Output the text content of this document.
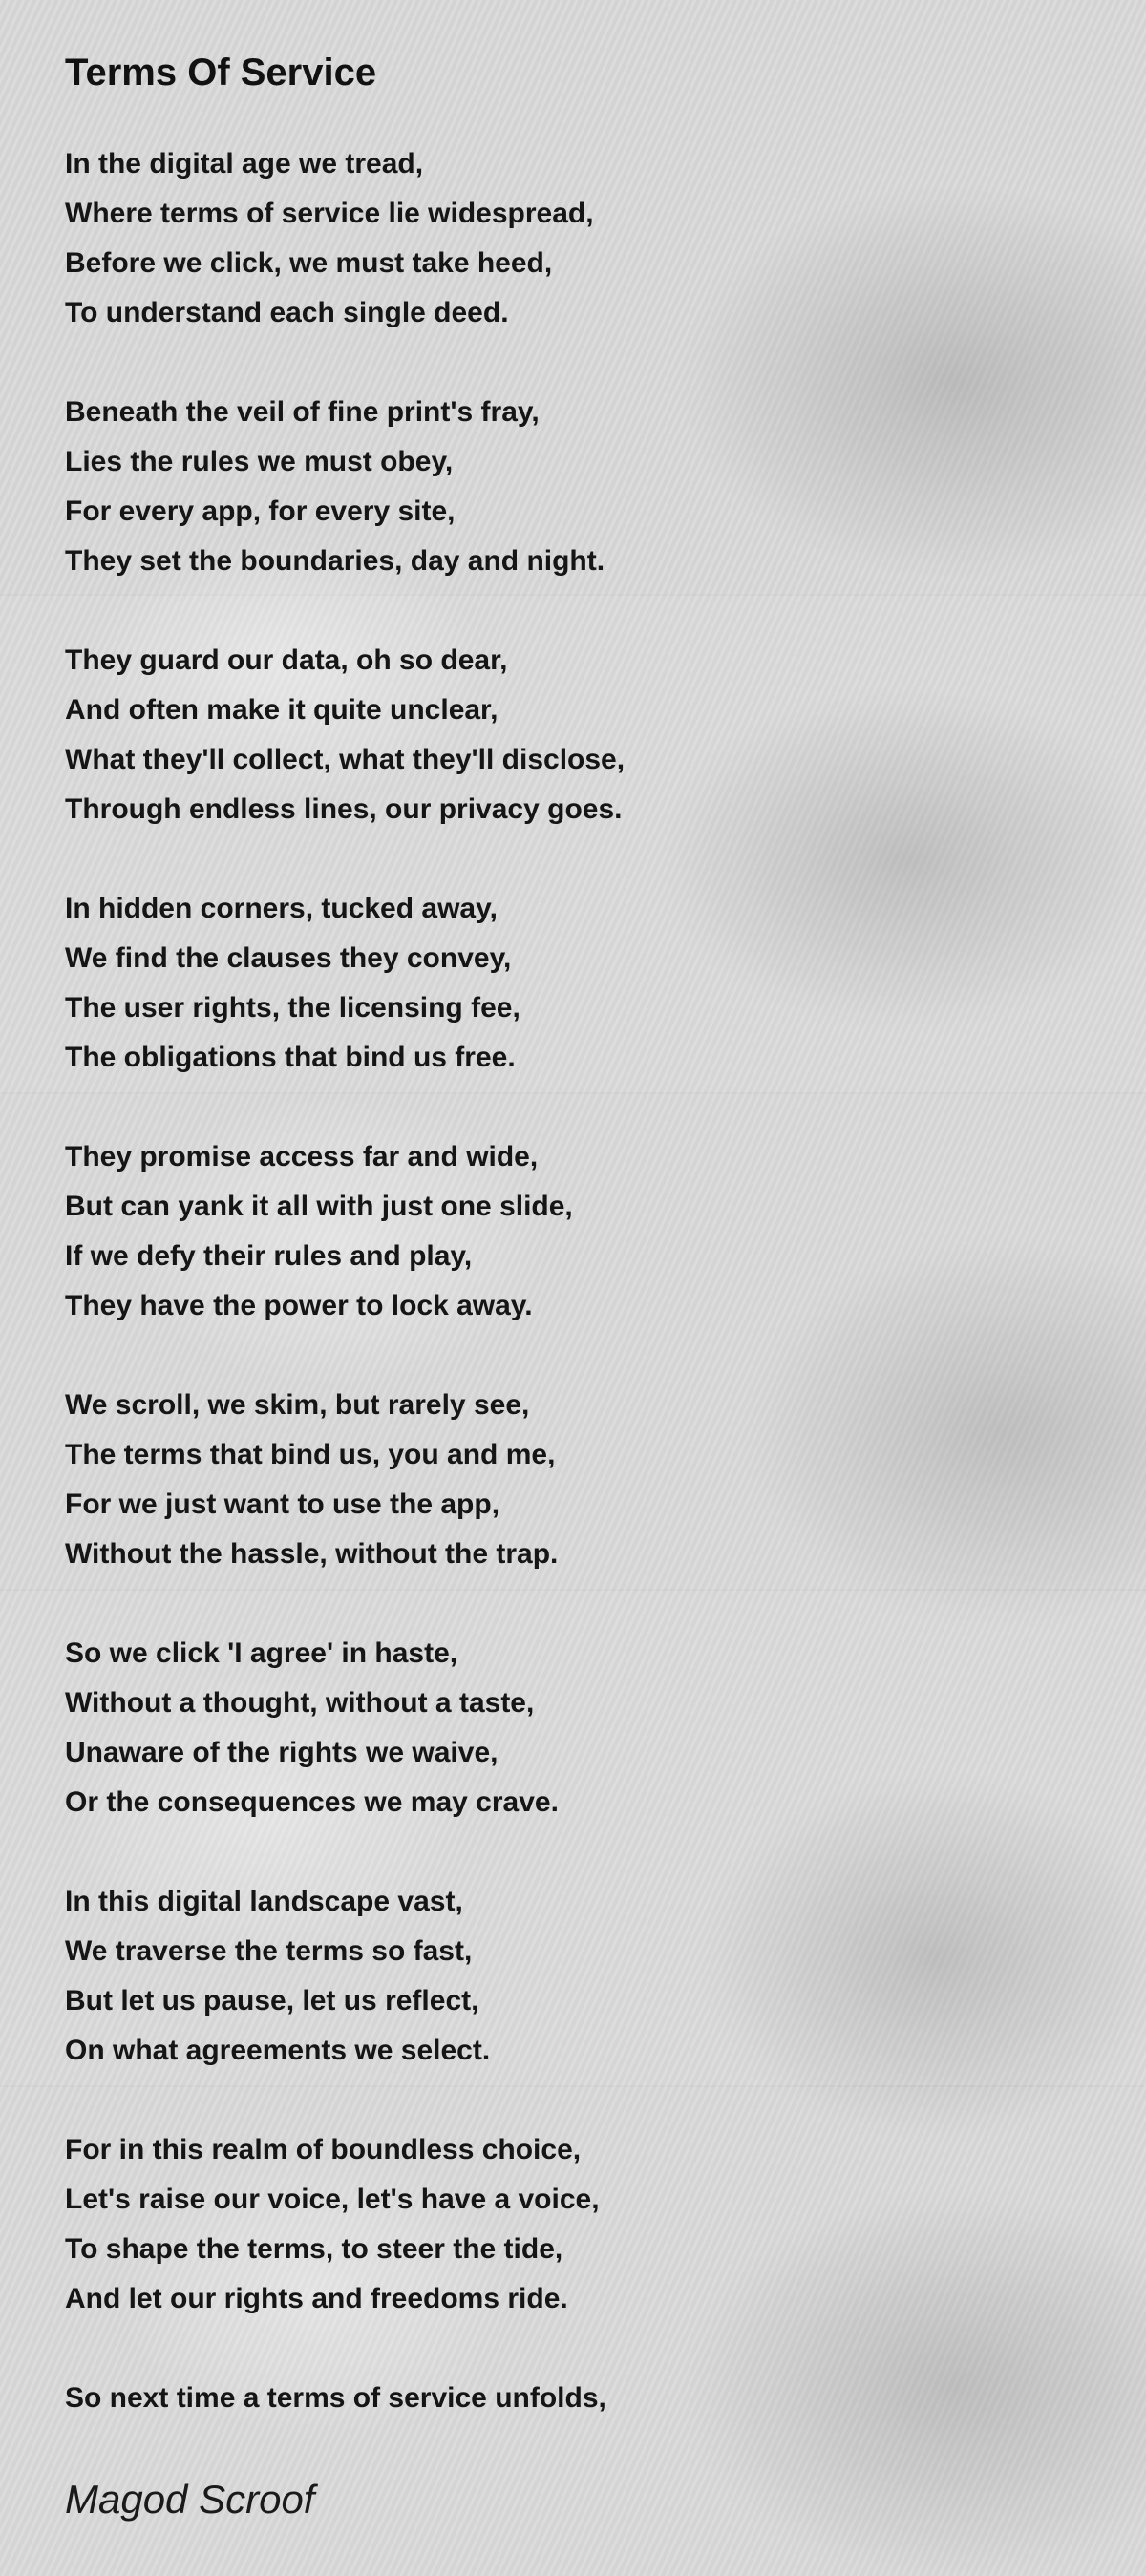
Terms Of Service
In the digital age we tread,
Where terms of service lie widespread,
Before we click, we must take heed,
To understand each single deed.
Beneath the veil of fine print's fray,
Lies the rules we must obey,
For every app, for every site,
They set the boundaries, day and night.
They guard our data, oh so dear,
And often make it quite unclear,
What they'll collect, what they'll disclose,
Through endless lines, our privacy goes.
In hidden corners, tucked away,
We find the clauses they convey,
The user rights, the licensing fee,
The obligations that bind us free.
They promise access far and wide,
But can yank it all with just one slide,
If we defy their rules and play,
They have the power to lock away.
We scroll, we skim, but rarely see,
The terms that bind us, you and me,
For we just want to use the app,
Without the hassle, without the trap.
So we click 'I agree' in haste,
Without a thought, without a taste,
Unaware of the rights we waive,
Or the consequences we may crave.
In this digital landscape vast,
We traverse the terms so fast,
But let us pause, let us reflect,
On what agreements we select.
For in this realm of boundless choice,
Let's raise our voice, let's have a voice,
To shape the terms, to steer the tide,
And let our rights and freedoms ride.
So next time a terms of service unfolds,
Magod Scroof
